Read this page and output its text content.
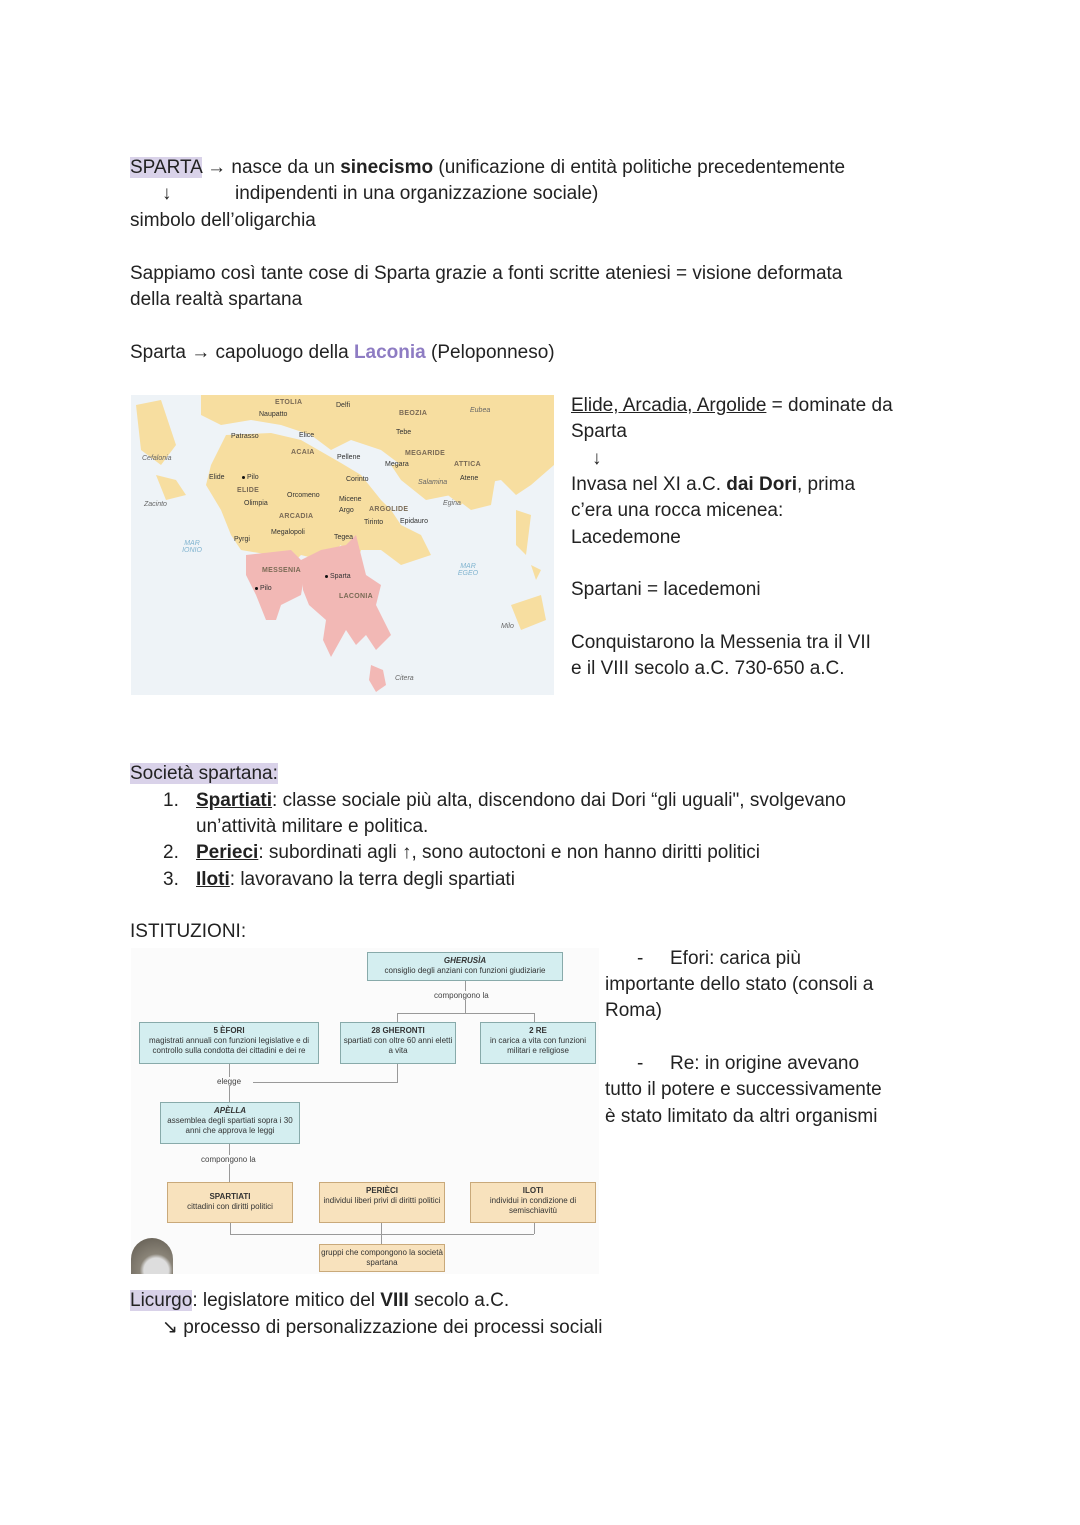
SPARTA → nasce da un sinecismo (unificazione di entità politiche precedentemente
↓	indipendenti in una organizzazione sociale)
simbolo dell’oligarchia
Sappiamo così tante cose di Sparta grazie a fonti scritte ateniesi = visione deformata
della realtà spartana
Sparta → capoluogo della Laconia (Peloponneso)
ETOLIA
BEOZIA
ACAIA	MEGARIDE
ATTICA
ELIDE
ARCADIA
ARGOLIDE
MESSENIA
LACONIA
Naupatto
Delfi
Tebe
Patrasso	Elice
Pellene
Megara
Atene
Corinto
Elide	Pilo
Olimpia
Orcomeno
Micene
Argo
Tirinto Epidauro
Megalopoli
Tegea
Pyrgi
Sparta
Pilo
Cefalonia
Zacinto
Eubea
Salamina
Egina
Milo
Citera
MAR IONIO
MAR EGEO
Elide, Arcadia, Argolide = dominate da
Sparta
↓
Invasa nel XI a.C. dai Dori, prima
c’era una rocca micenea:
Lacedemone
Spartani = lacedemoni
Conquistarono la Messenia tra il VII
e il VIII secolo a.C. 730-650 a.C.
Società spartana:
1. Spartiati: classe sociale più alta, discendono dai Dori “gli uguali", svolgevano
un’attività militare e politica.
2. Perieci: subordinati agli ↑, sono autoctoni e non hanno diritti politici
3. Iloti: lavoravano la terra degli spartiati
ISTITUZIONI:
GHERUSÌA
consiglio degli anziani con funzioni giudiziarie
compongono la
5 ÈFORI
magistrati annuali con funzioni legislative e di controllo sulla condotta dei cittadini e dei re
28 GHERONTI
spartiati con oltre 60 anni eletti a vita
2 RE
in carica a vita con funzioni militari e religiose
elegge
APÈLLA
assemblea degli spartiati sopra i 30 anni che approva le leggi
compongono la
SPARTIATI
cittadini con diritti politici
PERIÈCI
individui liberi privi di diritti politici
ILOTI
individui in condizione di semischiavitù
gruppi che compongono la società spartana
- Efori: carica più
importante dello stato (consoli a
Roma)
- Re: in origine avevano
tutto il potere e successivamente
è stato limitato da altri organismi
Licurgo: legislatore mitico del VIII secolo a.C.
↘ processo di personalizzazione dei processi sociali
